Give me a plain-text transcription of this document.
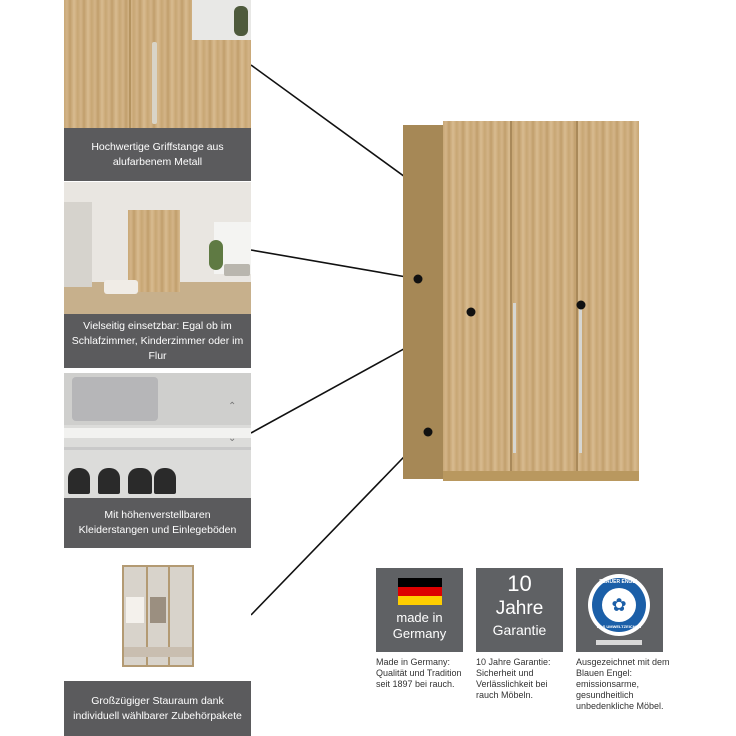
Hochwertige Griffstange aus alufarbenem Metall
Vielseitig einsetzbar: Egal ob im Schlafzimmer, Kinderzimmer oder im Flur
⌃
⌄
Mit höhenverstellbaren Kleiderstangen und Einlegeböden
Großzügiger Stauraum dank individuell wählbarer Zubehörpakete
made in
Germany
Made in Germany: Qualität und Tradition seit 1897 bei rauch.
10
Jahre
Garantie
10 Jahre Garantie: Sicherheit und Verlässlichkeit bei rauch Möbeln.
✿
BLAUER ENGEL
DAS UMWELTZEICHEN
Ausgezeichnet mit dem Blauen Engel: emissionsarme, gesundheitlich unbedenkliche Möbel.
